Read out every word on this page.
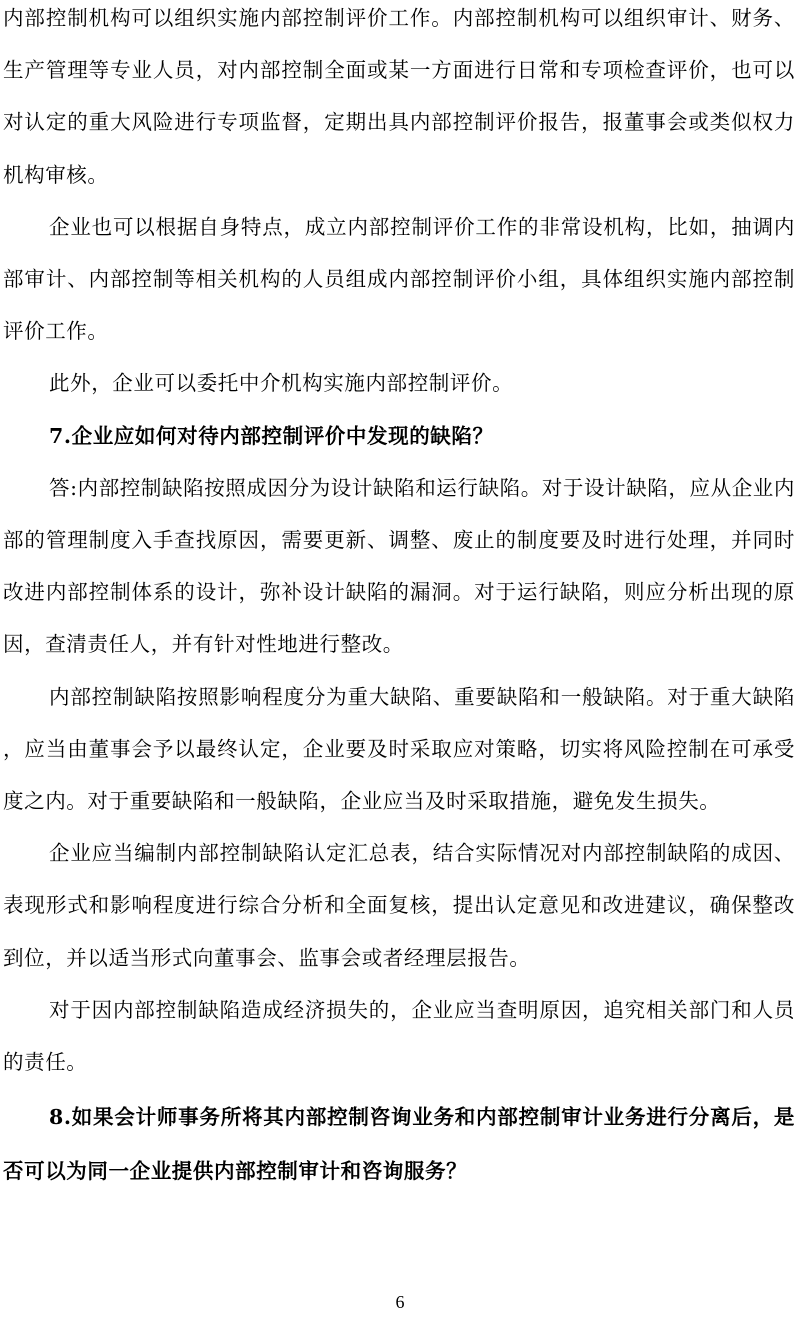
内部控制机构可以组织实施内部控制评价工作。内部控制机构可以组织审计、财务、生产管理等专业人员，对内部控制全面或某一方面进行日常和专项检查评价，也可以对认定的重大风险进行专项监督，定期出具内部控制评价报告，报董事会或类似权力机构审核。

企业也可以根据自身特点，成立内部控制评价工作的非常设机构，比如，抽调内部审计、内部控制等相关机构的人员组成内部控制评价小组，具体组织实施内部控制评价工作。

此外，企业可以委托中介机构实施内部控制评价。

7.企业应如何对待内部控制评价中发现的缺陷？

答:内部控制缺陷按照成因分为设计缺陷和运行缺陷。对于设计缺陷，应从企业内部的管理制度入手查找原因，需要更新、调整、废止的制度要及时进行处理，并同时改进内部控制体系的设计，弥补设计缺陷的漏洞。对于运行缺陷，则应分析出现的原因，查清责任人，并有针对性地进行整改。

内部控制缺陷按照影响程度分为重大缺陷、重要缺陷和一般缺陷。对于重大缺陷，应当由董事会予以最终认定，企业要及时采取应对策略，切实将风险控制在可承受度之内。对于重要缺陷和一般缺陷，企业应当及时采取措施，避免发生损失。

企业应当编制内部控制缺陷认定汇总表，结合实际情况对内部控制缺陷的成因、表现形式和影响程度进行综合分析和全面复核，提出认定意见和改进建议，确保整改到位，并以适当形式向董事会、监事会或者经理层报告。

对于因内部控制缺陷造成经济损失的，企业应当查明原因，追究相关部门和人员的责任。

8.如果会计师事务所将其内部控制咨询业务和内部控制审计业务进行分离后，是否可以为同一企业提供内部控制审计和咨询服务？

6
